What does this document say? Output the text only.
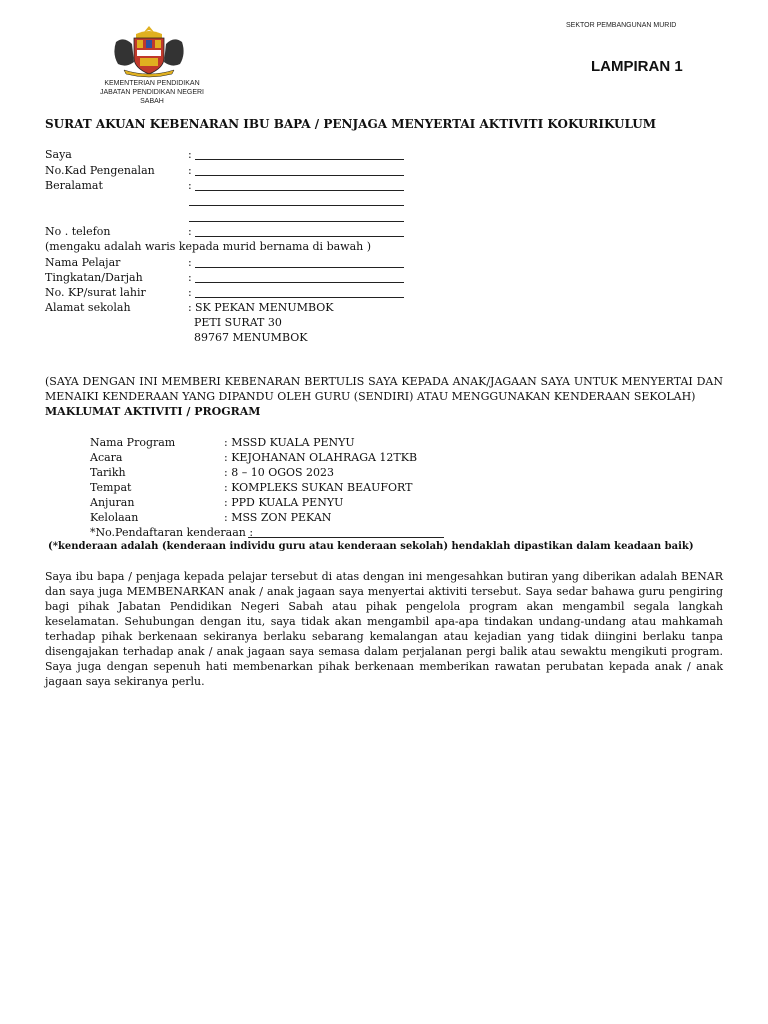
SEKTOR PEMBANGUNAN MURID
LAMPIRAN 1
KEMENTERIAN PENDIDIKAN
JABATAN PENDIDIKAN NEGERI SABAH
SURAT AKUAN KEBENARAN IBU BAPA / PENJAGA MENYERTAI AKTIVITI KOKURIKULUM
Saya	:
No.Kad Pengenalan	:
Beralamat	:
No . telefon	:
(mengaku adalah waris kepada murid bernama di bawah )
Nama Pelajar	:
Tingkatan/Darjah	:
No. KP/surat lahir	:
Alamat sekolah	: SK PEKAN MENUMBOK
PETI SURAT 30
89767 MENUMBOK
(SAYA DENGAN INI MEMBERI KEBENARAN BERTULIS SAYA KEPADA ANAK/JAGAAN SAYA UNTUK MENYERTAI DAN MENAIKI KENDERAAN YANG DIPANDU OLEH GURU (SENDIRI) ATAU MENGGUNAKAN KENDERAAN SEKOLAH)
MAKLUMAT AKTIVITI / PROGRAM
Nama Program	: MSSD KUALA PENYU
Acara	: KEJOHANAN OLAHRAGA 12TKB
Tarikh	: 8 – 10 OGOS 2023
Tempat	: KOMPLEKS SUKAN BEAUFORT
Anjuran	: PPD KUALA PENYU
Kelolaan	: MSS ZON PEKAN
*No.Pendaftaran kenderaan :
(*kenderaan adalah (kenderaan individu guru atau kenderaan sekolah) hendaklah dipastikan dalam keadaan baik)
Saya ibu bapa / penjaga kepada pelajar tersebut di atas dengan ini mengesahkan butiran yang diberikan adalah BENAR dan saya juga MEMBENARKAN anak / anak jagaan saya menyertai aktiviti tersebut. Saya sedar bahawa guru pengiring bagi pihak Jabatan Pendidikan Negeri Sabah atau pihak pengelola program akan mengambil segala langkah keselamatan. Sehubungan dengan itu, saya tidak akan mengambil apa-apa tindakan undang-undang atau mahkamah terhadap pihak berkenaan sekiranya berlaku sebarang kemalangan atau kejadian yang tidak diingini berlaku tanpa disengajakan terhadap anak / anak jagaan saya semasa dalam perjalanan pergi balik atau sewaktu mengikuti program. Saya juga dengan sepenuh hati membenarkan pihak berkenaan memberikan rawatan perubatan kepada anak / anak jagaan saya sekiranya perlu.
